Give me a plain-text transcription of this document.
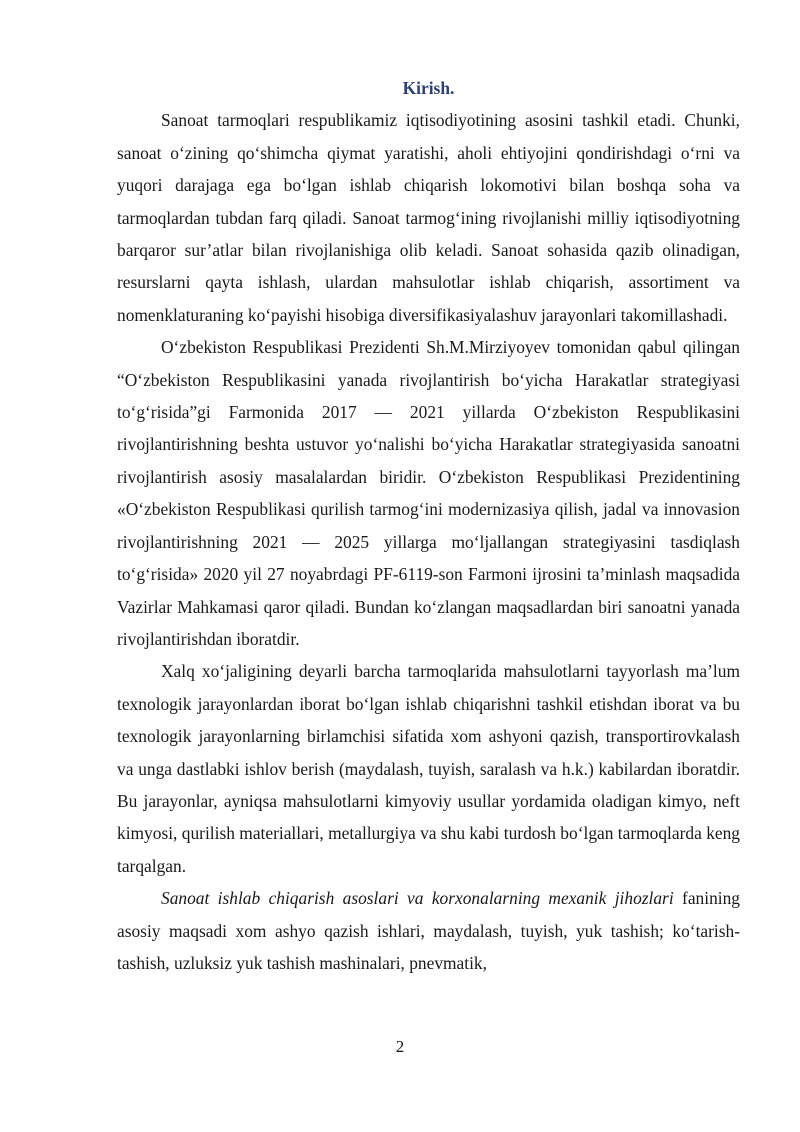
Kirish.

Sanoat tarmoqlari respublikamiz iqtisodiyotining asosini tashkil etadi. Chunki, sanoat o‘zining qo‘shimcha qiymat yaratishi, aholi ehtiyojini qondirishdagi o‘rni va yuqori darajaga ega bo‘lgan ishlab chiqarish lokomotivi bilan boshqa soha va tarmoqlardan tubdan farq qiladi. Sanoat tarmog‘ining rivojlanishi milliy iqtisodiyotning barqaror sur’atlar bilan rivojlanishiga olib keladi. Sanoat sohasida qazib olinadigan, resurslarni qayta ishlash, ulardan mahsulotlar ishlab chiqarish, assortiment va nomenklaturaning ko‘payishi hisobiga diversifikasiyalashuv jarayonlari takomillashadi.

O‘zbekiston Respublikasi Prezidenti Sh.M.Mirziyoyev tomonidan qabul qilingan “O‘zbekiston Respublikasini yanada rivojlantirish bo‘yicha Harakatlar strategiyasi to‘g‘risida”gi Farmonida 2017 — 2021 yillarda O‘zbekiston Respublikasini rivojlantirishning beshta ustuvor yo‘nalishi bo‘yicha Harakatlar strategiyasida sanoatni rivojlantirish asosiy masalalardan biridir. O‘zbekiston Respublikasi Prezidentining «O‘zbekiston Respublikasi qurilish tarmog‘ini modernizasiya qilish, jadal va innovasion rivojlantirishning 2021 — 2025 yillarga mo‘ljallangan strategiyasini tasdiqlash to‘g‘risida» 2020 yil 27 noyabrdagi PF-6119-son Farmoni ijrosini ta’minlash maqsadida Vazirlar Mahkamasi qaror qiladi. Bundan ko‘zlangan maqsadlardan biri sanoatni yanada rivojlantirishdan iboratdir.

Xalq xo‘jaligining deyarli barcha tarmoqlarida mahsulotlarni tayyorlash ma’lum texnologik jarayonlardan iborat bo‘lgan ishlab chiqarishni tashkil etishdan iborat va bu texnologik jarayonlarning birlamchisi sifatida xom ashyoni qazish, transportirovkalash va unga dastlabki ishlov berish (maydalash, tuyish, saralash va h.k.) kabilardan iboratdir. Bu jarayonlar, ayniqsa mahsulotlarni kimyoviy usullar yordamida oladigan kimyo, neft kimyosi, qurilish materiallari, metallurgiya va shu kabi turdosh bo‘lgan tarmoqlarda keng tarqalgan.

Sanoat ishlab chiqarish asoslari va korxonalarning mexanik jihozlari fanining asosiy maqsadi xom ashyo qazish ishlari, maydalash, tuyish, yuk tashish; ko‘tarish-tashish, uzluksiz yuk tashish mashinalari, pnevmatik,

2
